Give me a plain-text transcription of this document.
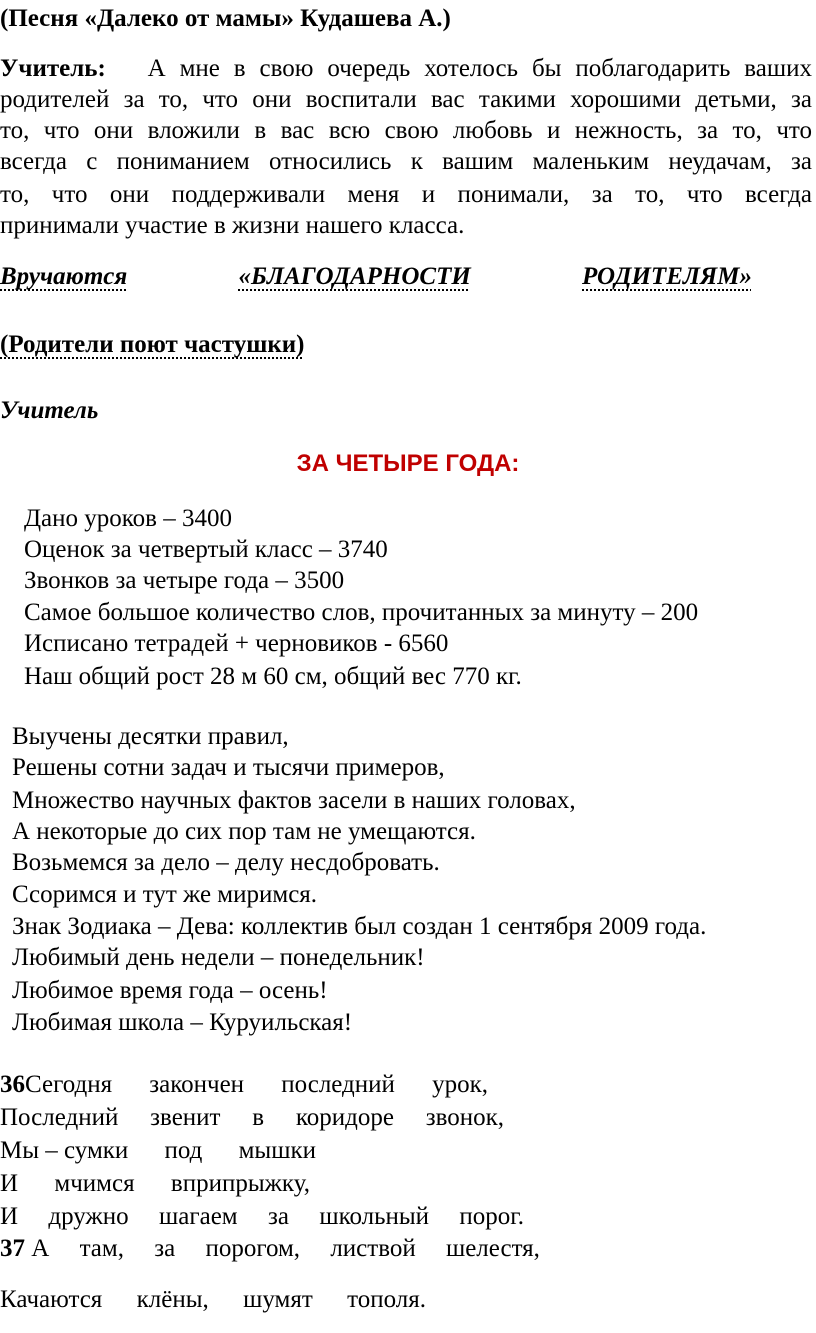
(Песня «Далеко от мамы» Кудашева А.)
Учитель: А мне в свою очередь хотелось бы поблагодарить ваших
родителей за то, что они воспитали вас такими хорошими детьми, за
то, что они вложили в вас всю свою любовь и нежность, за то, что
всегда с пониманием относились к вашим маленьким неудачам, за
то, что они поддерживали меня и понимали, за то, что всегда
принимали участие в жизни нашего класса.
Вручаются	«БЛАГОДАРНОСТИ	РОДИТЕЛЯМ»
(Родители поют частушки)
Учитель
ЗА ЧЕТЫРЕ ГОДА:
Дано уроков – 3400
Оценок за четвертый класс – 3740
Звонков за четыре года – 3500
Самое большое количество слов, прочитанных за минуту – 200
Исписано тетрадей + черновиков - 6560
Наш общий рост 28 м 60 см, общий вес 770 кг.
Выучены десятки правил,
Решены сотни задач и тысячи примеров,
Множество научных фактов засели в наших головах,
А некоторые до сих пор там не умещаются.
Возьмемся за дело – делу несдобровать.
Ссоримся и тут же миримся.
Знак Зодиака – Дева: коллектив был создан 1 сентября 2009 года.
Любимый день недели – понедельник!
Любимое время года – осень!
Любимая школа – Куруильская!
36Сегодня закончен последний урок,
Последний звенит в коридоре звонок,
Мы – сумки под мышки
И мчимся вприпрыжку,
И дружно шагаем за школьный порог.
37 А там, за порогом, листвой шелестя,
Качаются клёны, шумят тополя.
